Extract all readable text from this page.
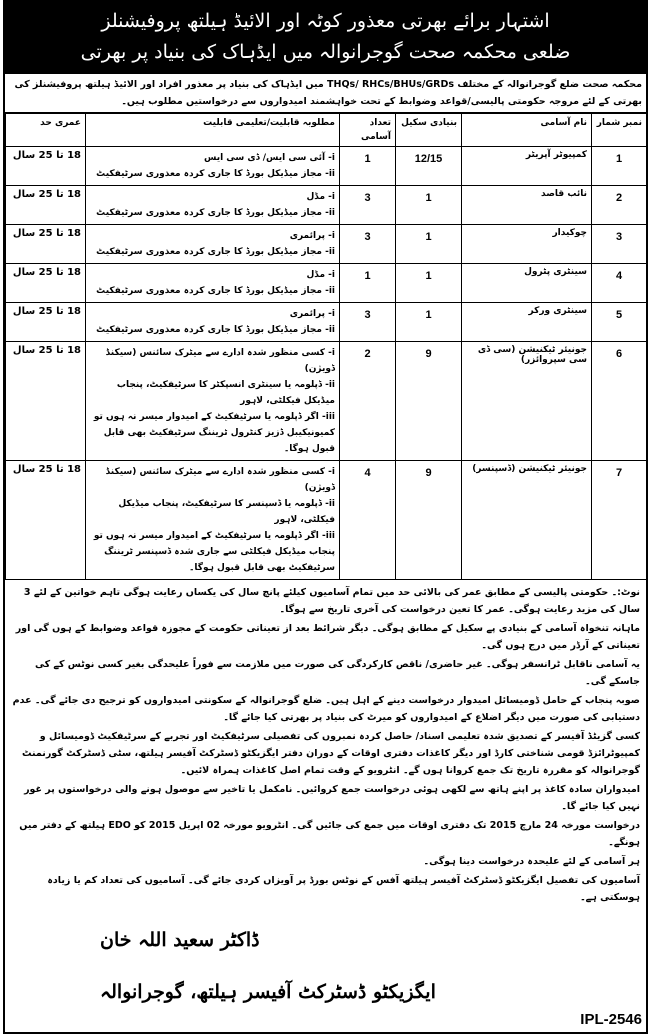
اشتہار برائے بھرتی معذور کوٹہ اور الائیڈ ہیلتھ پروفیشنلز
ضلعی محکمہ صحت گوجرانوالہ میں ایڈہاک کی بنیاد پر بھرتی
محکمہ صحت ضلع گوجرانوالہ کے مختلف THQs/ RHCs/BHUs/GRDs میں ایڈہاک کی بنیاد پر معذور افراد اور الائیڈ ہیلتھ پروفیشنلز کی بھرتی کے لئے مروجہ حکومتی پالیسی/قواعد وضوابط کے تحت خواہشمند امیدواروں سے درخواستیں مطلوب ہیں۔
نمبر شمار	نام آسامی	بنیادی سکیل	تعداد آسامی	مطلوبہ قابلیت/تعلیمی قابلیت	عمری حد
1	کمپیوٹر آپریٹر	12/15	1	i- آئی سی ایس/ ڈی سی ایس
ii- مجاز میڈیکل بورڈ کا جاری کردہ معذوری سرٹیفکیٹ	18 تا 25 سال
2	نائب قاصد	1	3	i- مڈل
ii- مجاز میڈیکل بورڈ کا جاری کردہ معذوری سرٹیفکیٹ	18 تا 25 سال
3	چوکیدار	1	3	i- پرائمری
ii- مجاز میڈیکل بورڈ کا جاری کردہ معذوری سرٹیفکیٹ	18 تا 25 سال
4	سینٹری پٹرول	1	1	i- مڈل
ii- مجاز میڈیکل بورڈ کا جاری کردہ معذوری سرٹیفکیٹ	18 تا 25 سال
5	سینٹری ورکر	1	3	i- پرائمری
ii- مجاز میڈیکل بورڈ کا جاری کردہ معذوری سرٹیفکیٹ	18 تا 25 سال
6	جونیئر ٹیکنیشن (سی ڈی سی سپروائزر)	9	2	i- کسی منظور شدہ ادارے سے میٹرک سائنس (سیکنڈ ڈویژن)
ii- ڈپلومہ یا سینٹری انسپکٹر کا سرٹیفکیٹ، پنجاب میڈیکل فیکلٹی، لاہور
iii- اگر ڈپلومہ یا سرٹیفکیٹ کے امیدوار میسر نہ ہوں تو کمیونیکیبل ڈزیز کنٹرول ٹریننگ سرٹیفکیٹ بھی قابل قبول ہوگا۔	18 تا 25 سال
7	جونیئر ٹیکنیشن (ڈسپنسر)	9	4	i- کسی منظور شدہ ادارے سے میٹرک سائنس (سیکنڈ ڈویژن)
ii- ڈپلومہ یا ڈسپنسر کا سرٹیفکیٹ، پنجاب میڈیکل فیکلٹی، لاہور
iii- اگر ڈپلومہ یا سرٹیفکیٹ کے امیدوار میسر نہ ہوں تو پنجاب میڈیکل فیکلٹی سے جاری شدہ ڈسپنسر ٹریننگ سرٹیفکیٹ بھی قابل قبول ہوگا۔	18 تا 25 سال
نوٹ:۔ حکومتی پالیسی کے مطابق عمر کی بالائی حد میں تمام آسامیوں کیلئے پانچ سال کی یکساں رعایت ہوگی تاہم خواتین کے لئے 3 سال کی مزید رعایت ہوگی۔ عمر کا تعین درخواست کی آخری تاریخ سے ہوگا۔
ماہانہ تنخواہ آسامی کے بنیادی پے سکیل کے مطابق ہوگی۔ دیگر شرائط بعد از تعیناتی حکومت کے مجوزہ قواعد وضوابط کے ہوں گی اور تعیناتی کے آرڈر میں درج ہوں گی۔
یہ آسامی ناقابل ٹرانسفر ہوگی۔ غیر حاضری/ ناقص کارکردگی کی صورت میں ملازمت سے فوراً علیحدگی بغیر کسی نوٹس کے کی جاسکے گی۔
صوبہ پنجاب کے حامل ڈومیسائل امیدوار درخواست دینے کے اہل ہیں۔ ضلع گوجرانوالہ کے سکونتی امیدواروں کو ترجیح دی جائے گی۔ عدم دستیابی کی صورت میں دیگر اضلاع کے امیدواروں کو میرٹ کی بنیاد پر بھرتی کیا جائے گا۔
کسی گزیٹڈ آفیسر کے تصدیق شدہ تعلیمی اسناد/ حاصل کردہ نمبروں کی تفصیلی سرٹیفکیٹ اور تجربے کے سرٹیفکیٹ ڈومیسائل و کمپیوٹرائزڈ قومی شناختی کارڈ اور دیگر کاغذات دفتری اوقات کے دوران دفتر ایگزیکٹو ڈسٹرکٹ آفیسر ہیلتھ، سٹی ڈسٹرکٹ گورنمنٹ گوجرانوالہ کو مقررہ تاریخ تک جمع کروانا ہوں گے۔ انٹرویو کے وقت تمام اصل کاغذات ہمراہ لائیں۔
امیدواران سادہ کاغذ پر اپنے ہاتھ سے لکھی ہوئی درخواست جمع کروائیں۔ نامکمل یا تاخیر سے موصول ہونے والی درخواستوں پر غور نہیں کیا جائے گا۔
درخواست مورخہ 24 مارچ 2015 تک دفتری اوقات میں جمع کی جائیں گی۔ انٹرویو مورخہ 02 اپریل 2015 کو EDO ہیلتھ کے دفتر میں ہونگے۔
ہر آسامی کے لئے علیحدہ درخواست دینا ہوگی۔
آسامیوں کی تفصیل ایگزیکٹو ڈسٹرکٹ آفیسر ہیلتھ آفس کے نوٹس بورڈ پر آویزاں کردی جائے گی۔ آسامیوں کی تعداد کم یا زیادہ ہوسکتی ہے۔
ڈاکٹر سعید اللہ خان
ایگزیکٹو ڈسٹرکٹ آفیسر ہیلتھ، گوجرانوالہ
IPL-2546
